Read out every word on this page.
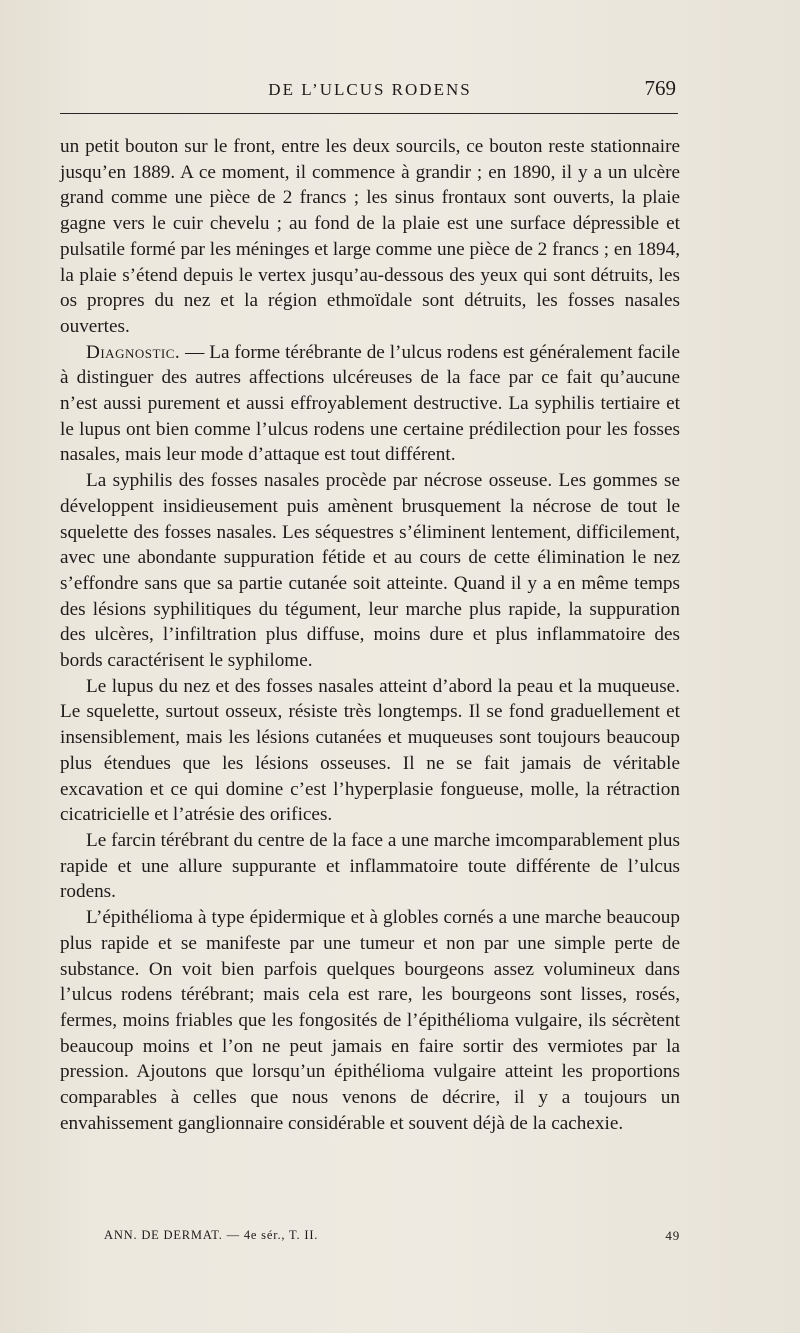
DE L’ULCUS RODENS	769

un petit bouton sur le front, entre les deux sourcils, ce bouton reste stationnaire jusqu’en 1889. A ce moment, il commence à grandir ; en 1890, il y a un ulcère grand comme une pièce de 2 francs ; les sinus frontaux sont ouverts, la plaie gagne vers le cuir chevelu ; au fond de la plaie est une surface dépressible et pulsatile formé par les méninges et large comme une pièce de 2 francs ; en 1894, la plaie s’étend depuis le vertex jusqu’au-dessous des yeux qui sont détruits, les os propres du nez et la région ethmoïdale sont détruits, les fosses nasales ouvertes.

Diagnostic. — La forme térébrante de l’ulcus rodens est généralement facile à distinguer des autres affections ulcéreuses de la face par ce fait qu’aucune n’est aussi purement et aussi effroyablement destructive. La syphilis tertiaire et le lupus ont bien comme l’ulcus rodens une certaine prédilection pour les fosses nasales, mais leur mode d’attaque est tout différent.

La syphilis des fosses nasales procède par nécrose osseuse. Les gommes se développent insidieusement puis amènent brusquement la nécrose de tout le squelette des fosses nasales. Les séquestres s’éliminent lentement, difficilement, avec une abondante suppuration fétide et au cours de cette élimination le nez s’effondre sans que sa partie cutanée soit atteinte. Quand il y a en même temps des lésions syphilitiques du tégument, leur marche plus rapide, la suppuration des ulcères, l’infiltration plus diffuse, moins dure et plus inflammatoire des bords caractérisent le syphilome.

Le lupus du nez et des fosses nasales atteint d’abord la peau et la muqueuse. Le squelette, surtout osseux, résiste très longtemps. Il se fond graduellement et insensiblement, mais les lésions cutanées et muqueuses sont toujours beaucoup plus étendues que les lésions osseuses. Il ne se fait jamais de véritable excavation et ce qui domine c’est l’hyperplasie fongueuse, molle, la rétraction cicatricielle et l’atrésie des orifices.

Le farcin térébrant du centre de la face a une marche imcomparablement plus rapide et une allure suppurante et inflammatoire toute différente de l’ulcus rodens.

L’épithélioma à type épidermique et à globles cornés a une marche beaucoup plus rapide et se manifeste par une tumeur et non par une simple perte de substance. On voit bien parfois quelques bourgeons assez volumineux dans l’ulcus rodens térébrant; mais cela est rare, les bourgeons sont lisses, rosés, fermes, moins friables que les fongosités de l’épithélioma vulgaire, ils sécrètent beaucoup moins et l’on ne peut jamais en faire sortir des vermiotes par la pression. Ajoutons que lorsqu’un épithélioma vulgaire atteint les proportions comparables à celles que nous venons de décrire, il y a toujours un envahissement ganglionnaire considérable et souvent déjà de la cachexie.

ANN. DE DERMAT. — 4e sér., T. II.	49
